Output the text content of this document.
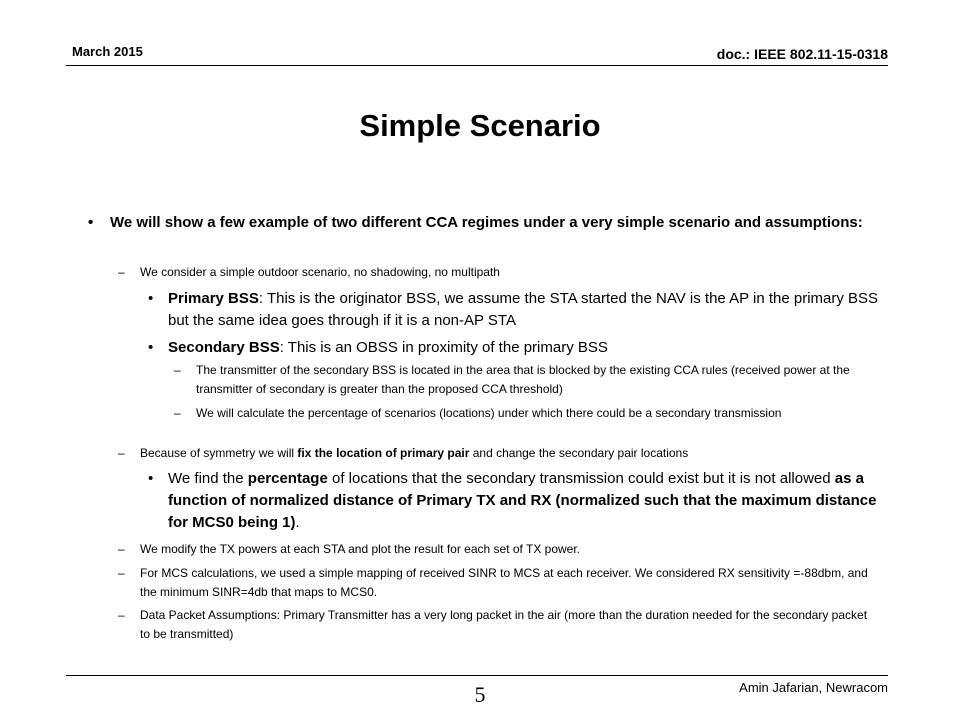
March 2015	doc.: IEEE 802.11-15-0318
Simple Scenario
• We will show a few example of two different CCA regimes under a very simple scenario and assumptions:
– We consider a simple outdoor scenario, no shadowing, no multipath
• Primary BSS: This is the originator BSS, we assume the STA started the NAV is the AP in the primary BSS but the same idea goes through if it is a non-AP STA
• Secondary BSS: This is an OBSS in proximity of the primary BSS
– The transmitter of the secondary BSS is located in the area that is blocked by the existing CCA rules (received power at the transmitter of secondary is greater than the proposed CCA threshold)
– We will calculate the percentage of scenarios (locations) under which there could be a secondary transmission
– Because of symmetry we will fix the location of primary pair and change the secondary pair locations
• We find the percentage of locations that the secondary transmission could exist but it is not allowed as a function of normalized distance of Primary TX and RX (normalized such that the maximum distance for MCS0 being 1).
– We modify the TX powers at each STA and plot the result for each set of TX power.
– For MCS calculations, we used a simple mapping of received SINR to MCS at each receiver. We considered RX sensitivity =-88dbm, and the minimum SINR=4db that maps to MCS0.
– Data Packet Assumptions: Primary Transmitter has a very long packet in the air (more than the duration needed for the secondary packet to be transmitted)
Amin Jafarian, Newracom
5
